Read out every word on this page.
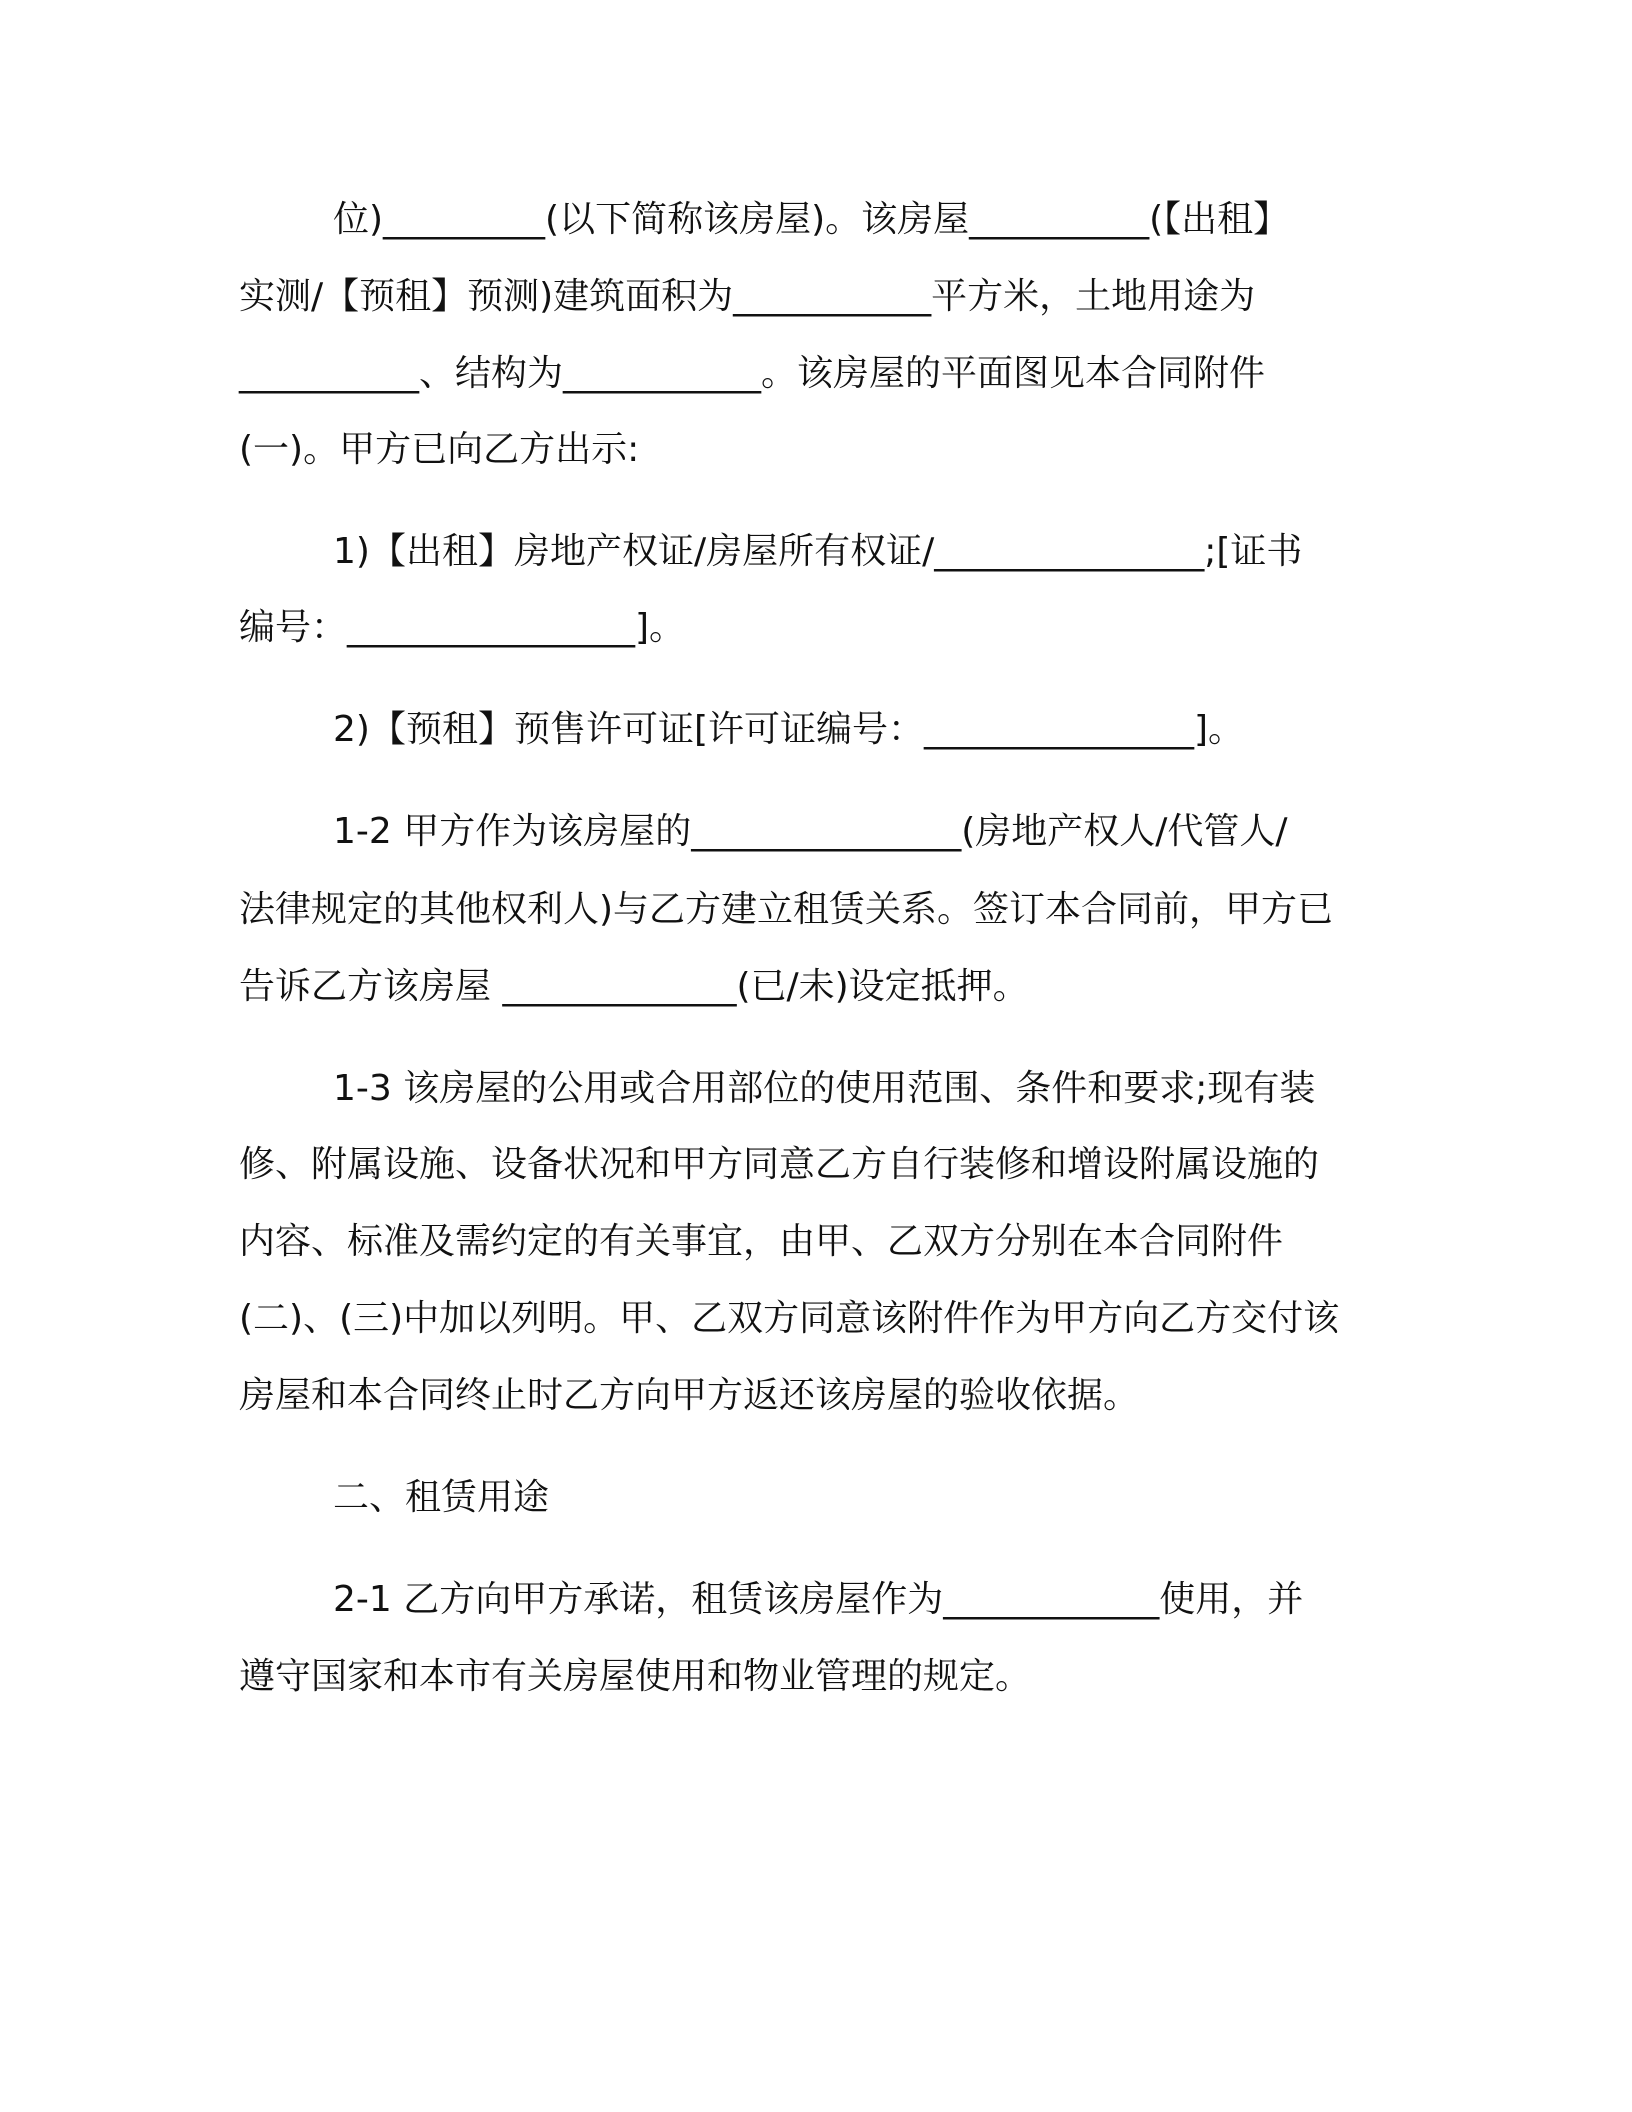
位)_________(以下简称该房屋)。该房屋__________(【出租】
实测/【预租】预测)建筑面积为___________平方米，土地用途为
__________、结构为___________。该房屋的平面图见本合同附件
(一)。甲方已向乙方出示:
1)【出租】房地产权证/房屋所有权证/_______________;[证书
编号：________________]。
2)【预租】预售许可证[许可证编号：_______________]。
1-2 甲方作为该房屋的_______________(房地产权人/代管人/
法律规定的其他权利人)与乙方建立租赁关系。签订本合同前，甲方已
告诉乙方该房屋 _____________(已/未)设定抵押。
1-3 该房屋的公用或合用部位的使用范围、条件和要求;现有装
修、附属设施、设备状况和甲方同意乙方自行装修和增设附属设施的
内容、标准及需约定的有关事宜，由甲、乙双方分别在本合同附件
(二)、(三)中加以列明。甲、乙双方同意该附件作为甲方向乙方交付该
房屋和本合同终止时乙方向甲方返还该房屋的验收依据。
二、租赁用途
2-1 乙方向甲方承诺，租赁该房屋作为____________使用，并
遵守国家和本市有关房屋使用和物业管理的规定。
